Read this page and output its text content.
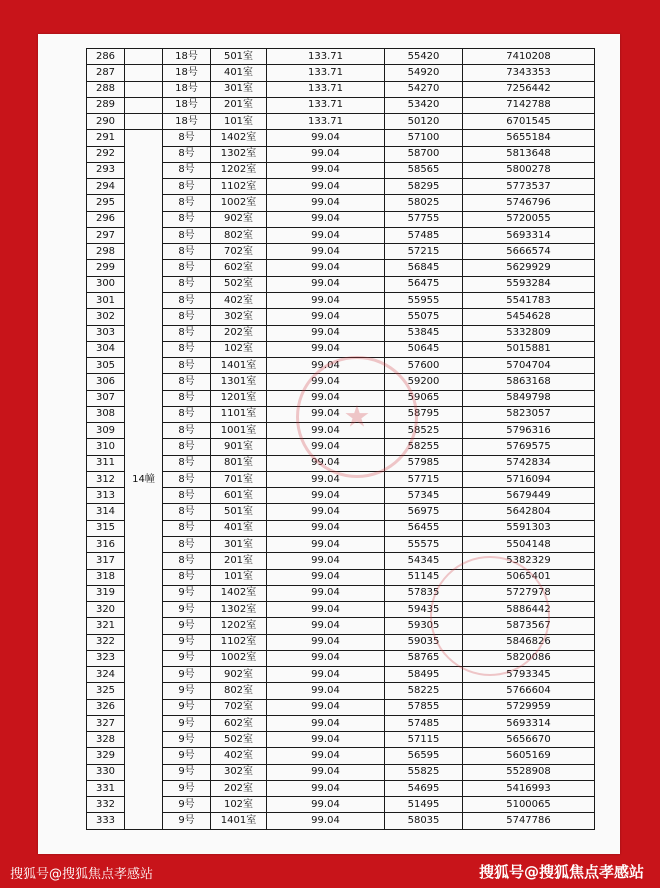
286		18号	501室	133.71	55420	7410208
287		18号	401室	133.71	54920	7343353
288		18号	301室	133.71	54270	7256442
289		18号	201室	133.71	53420	7142788
290		18号	101室	133.71	50120	6701545
291	14幢	8号	1402室	99.04	57100	5655184
292		8号	1302室	99.04	58700	5813648
293		8号	1202室	99.04	58565	5800278
294		8号	1102室	99.04	58295	5773537
295		8号	1002室	99.04	58025	5746796
296		8号	902室	99.04	57755	5720055
297		8号	802室	99.04	57485	5693314
298		8号	702室	99.04	57215	5666574
299		8号	602室	99.04	56845	5629929
300		8号	502室	99.04	56475	5593284
301		8号	402室	99.04	55955	5541783
302		8号	302室	99.04	55075	5454628
303		8号	202室	99.04	53845	5332809
304		8号	102室	99.04	50645	5015881
305		8号	1401室	99.04	57600	5704704
306		8号	1301室	99.04	59200	5863168
307		8号	1201室	99.04	59065	5849798
308		8号	1101室	99.04	58795	5823057
309		8号	1001室	99.04	58525	5796316
310		8号	901室	99.04	58255	5769575
311		8号	801室	99.04	57985	5742834
312		8号	701室	99.04	57715	5716094
313		8号	601室	99.04	57345	5679449
314		8号	501室	99.04	56975	5642804
315		8号	401室	99.04	56455	5591303
316		8号	301室	99.04	55575	5504148
317		8号	201室	99.04	54345	5382329
318		8号	101室	99.04	51145	5065401
319		9号	1402室	99.04	57835	5727978
320		9号	1302室	99.04	59435	5886442
321		9号	1202室	99.04	59305	5873567
322		9号	1102室	99.04	59035	5846826
323		9号	1002室	99.04	58765	5820086
324		9号	902室	99.04	58495	5793345
325		9号	802室	99.04	58225	5766604
326		9号	702室	99.04	57855	5729959
327		9号	602室	99.04	57485	5693314
328		9号	502室	99.04	57115	5656670
329		9号	402室	99.04	56595	5605169
330		9号	302室	99.04	55825	5528908
331		9号	202室	99.04	54695	5416993
332		9号	102室	99.04	51495	5100065
333		9号	1401室	99.04	58035	5747786
★
搜狐号@搜狐焦点孝感站	搜狐号@搜狐焦点孝感站
